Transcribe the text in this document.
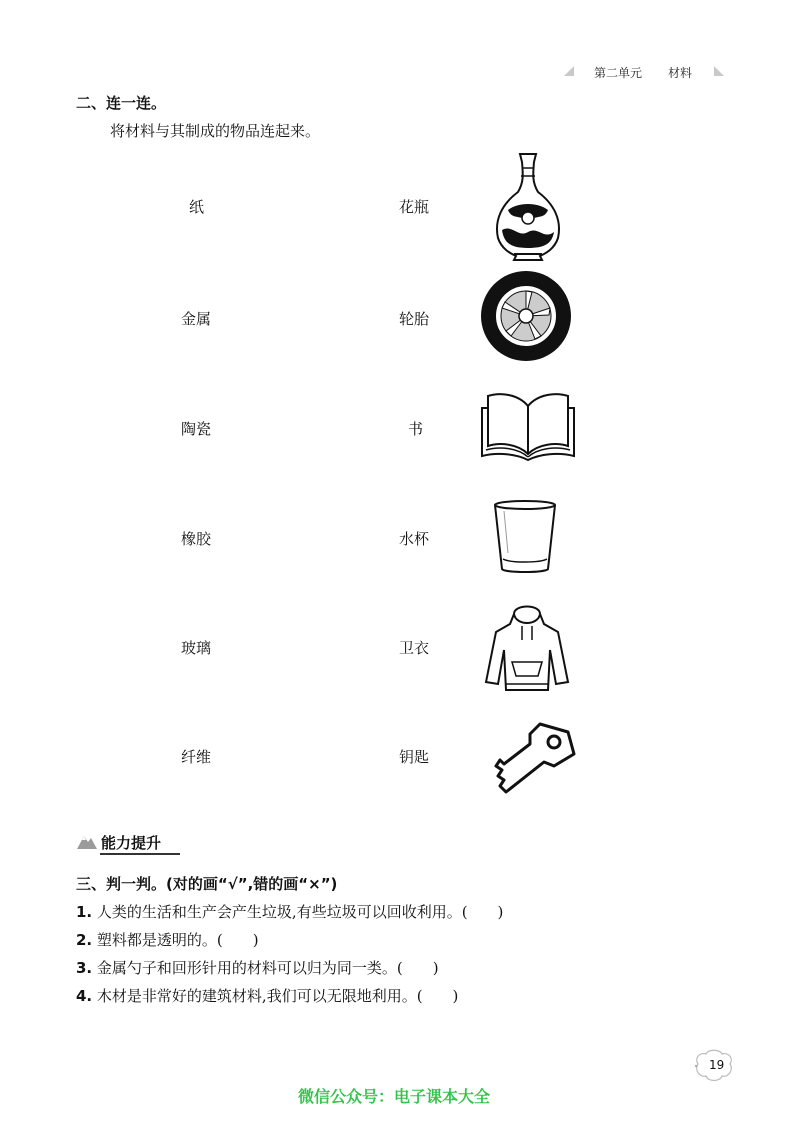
第二单元 材料
二、连一连。
将材料与其制成的物品连起来。
纸
金属
陶瓷
橡胶
玻璃
纤维
花瓶
轮胎
书
水杯
卫衣
钥匙
能力提升
三、判一判。(对的画“√”,错的画“×”)
1. 人类的生活和生产会产生垃圾,有些垃圾可以回收利用。(　　)
2. 塑料都是透明的。(　　)
3. 金属勺子和回形针用的材料可以归为同一类。(　　)
4. 木材是非常好的建筑材料,我们可以无限地利用。(　　)
19
微信公众号：电子课本大全
